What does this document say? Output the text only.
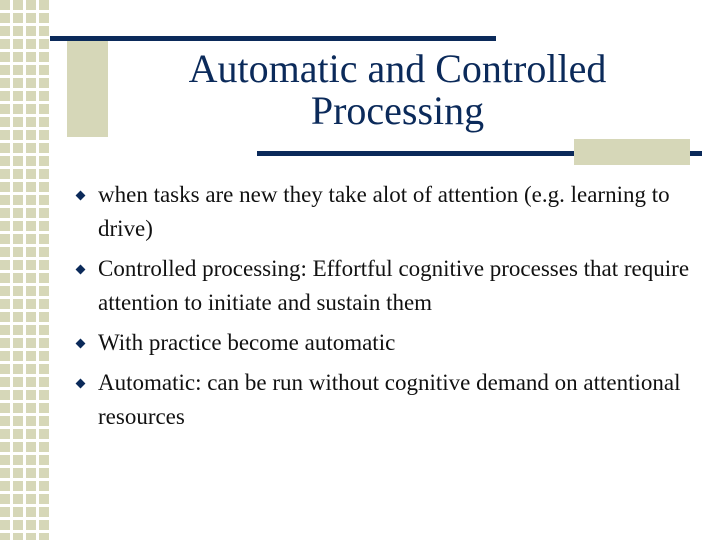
Automatic and Controlled
Processing
when tasks are new they take alot of attention (e.g. learning to drive)
Controlled processing: Effortful cognitive processes that require attention to initiate and sustain them
With practice become automatic
Automatic: can be run without cognitive demand on attentional resources
